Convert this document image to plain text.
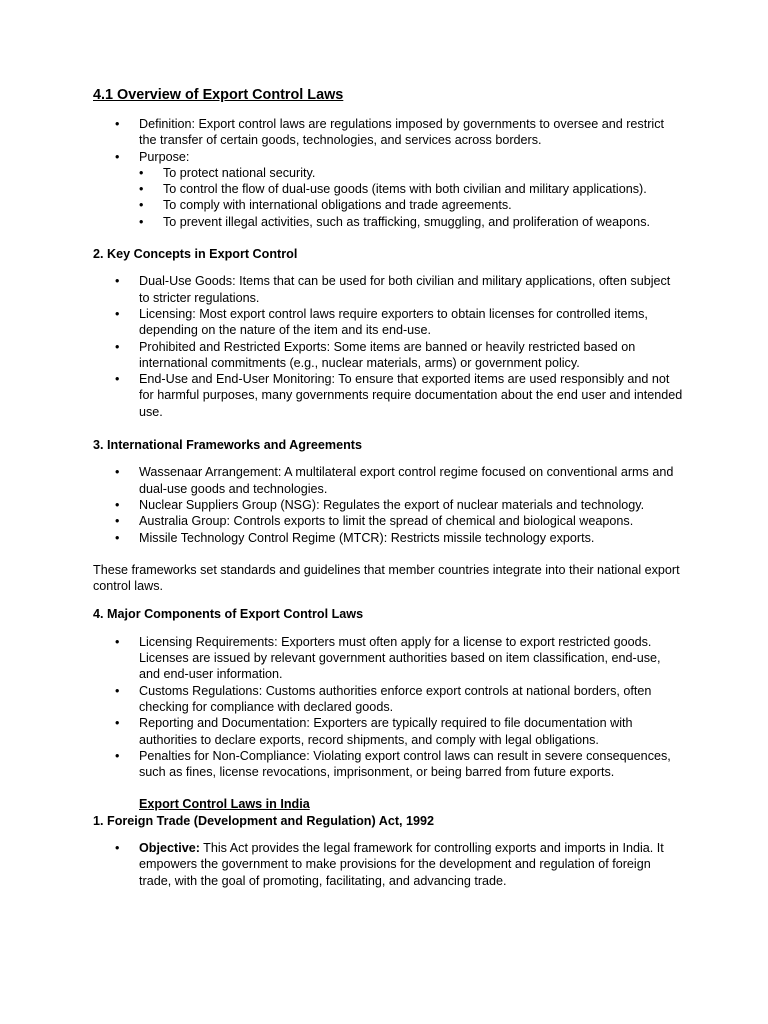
4.1 Overview of Export Control Laws
• Definition: Export control laws are regulations imposed by governments to oversee and restrict the transfer of certain goods, technologies, and services across borders.
• Purpose:
• To protect national security.
• To control the flow of dual-use goods (items with both civilian and military applications).
• To comply with international obligations and trade agreements.
• To prevent illegal activities, such as trafficking, smuggling, and proliferation of weapons.
2. Key Concepts in Export Control
• Dual-Use Goods: Items that can be used for both civilian and military applications, often subject to stricter regulations.
• Licensing: Most export control laws require exporters to obtain licenses for controlled items, depending on the nature of the item and its end-use.
• Prohibited and Restricted Exports: Some items are banned or heavily restricted based on international commitments (e.g., nuclear materials, arms) or government policy.
• End-Use and End-User Monitoring: To ensure that exported items are used responsibly and not for harmful purposes, many governments require documentation about the end user and intended use.
3. International Frameworks and Agreements
• Wassenaar Arrangement: A multilateral export control regime focused on conventional arms and dual-use goods and technologies.
• Nuclear Suppliers Group (NSG): Regulates the export of nuclear materials and technology.
• Australia Group: Controls exports to limit the spread of chemical and biological weapons.
• Missile Technology Control Regime (MTCR): Restricts missile technology exports.

These frameworks set standards and guidelines that member countries integrate into their national export control laws.

4. Major Components of Export Control Laws
• Licensing Requirements: Exporters must often apply for a license to export restricted goods. Licenses are issued by relevant government authorities based on item classification, end-use, and end-user information.
• Customs Regulations: Customs authorities enforce export controls at national borders, often checking for compliance with declared goods.
• Reporting and Documentation: Exporters are typically required to file documentation with authorities to declare exports, record shipments, and comply with legal obligations.
• Penalties for Non-Compliance: Violating export control laws can result in severe consequences, such as fines, license revocations, imprisonment, or being barred from future exports.
Export Control Laws in India
1. Foreign Trade (Development and Regulation) Act, 1992
• Objective: This Act provides the legal framework for controlling exports and imports in India. It empowers the government to make provisions for the development and regulation of foreign trade, with the goal of promoting, facilitating, and advancing trade.
